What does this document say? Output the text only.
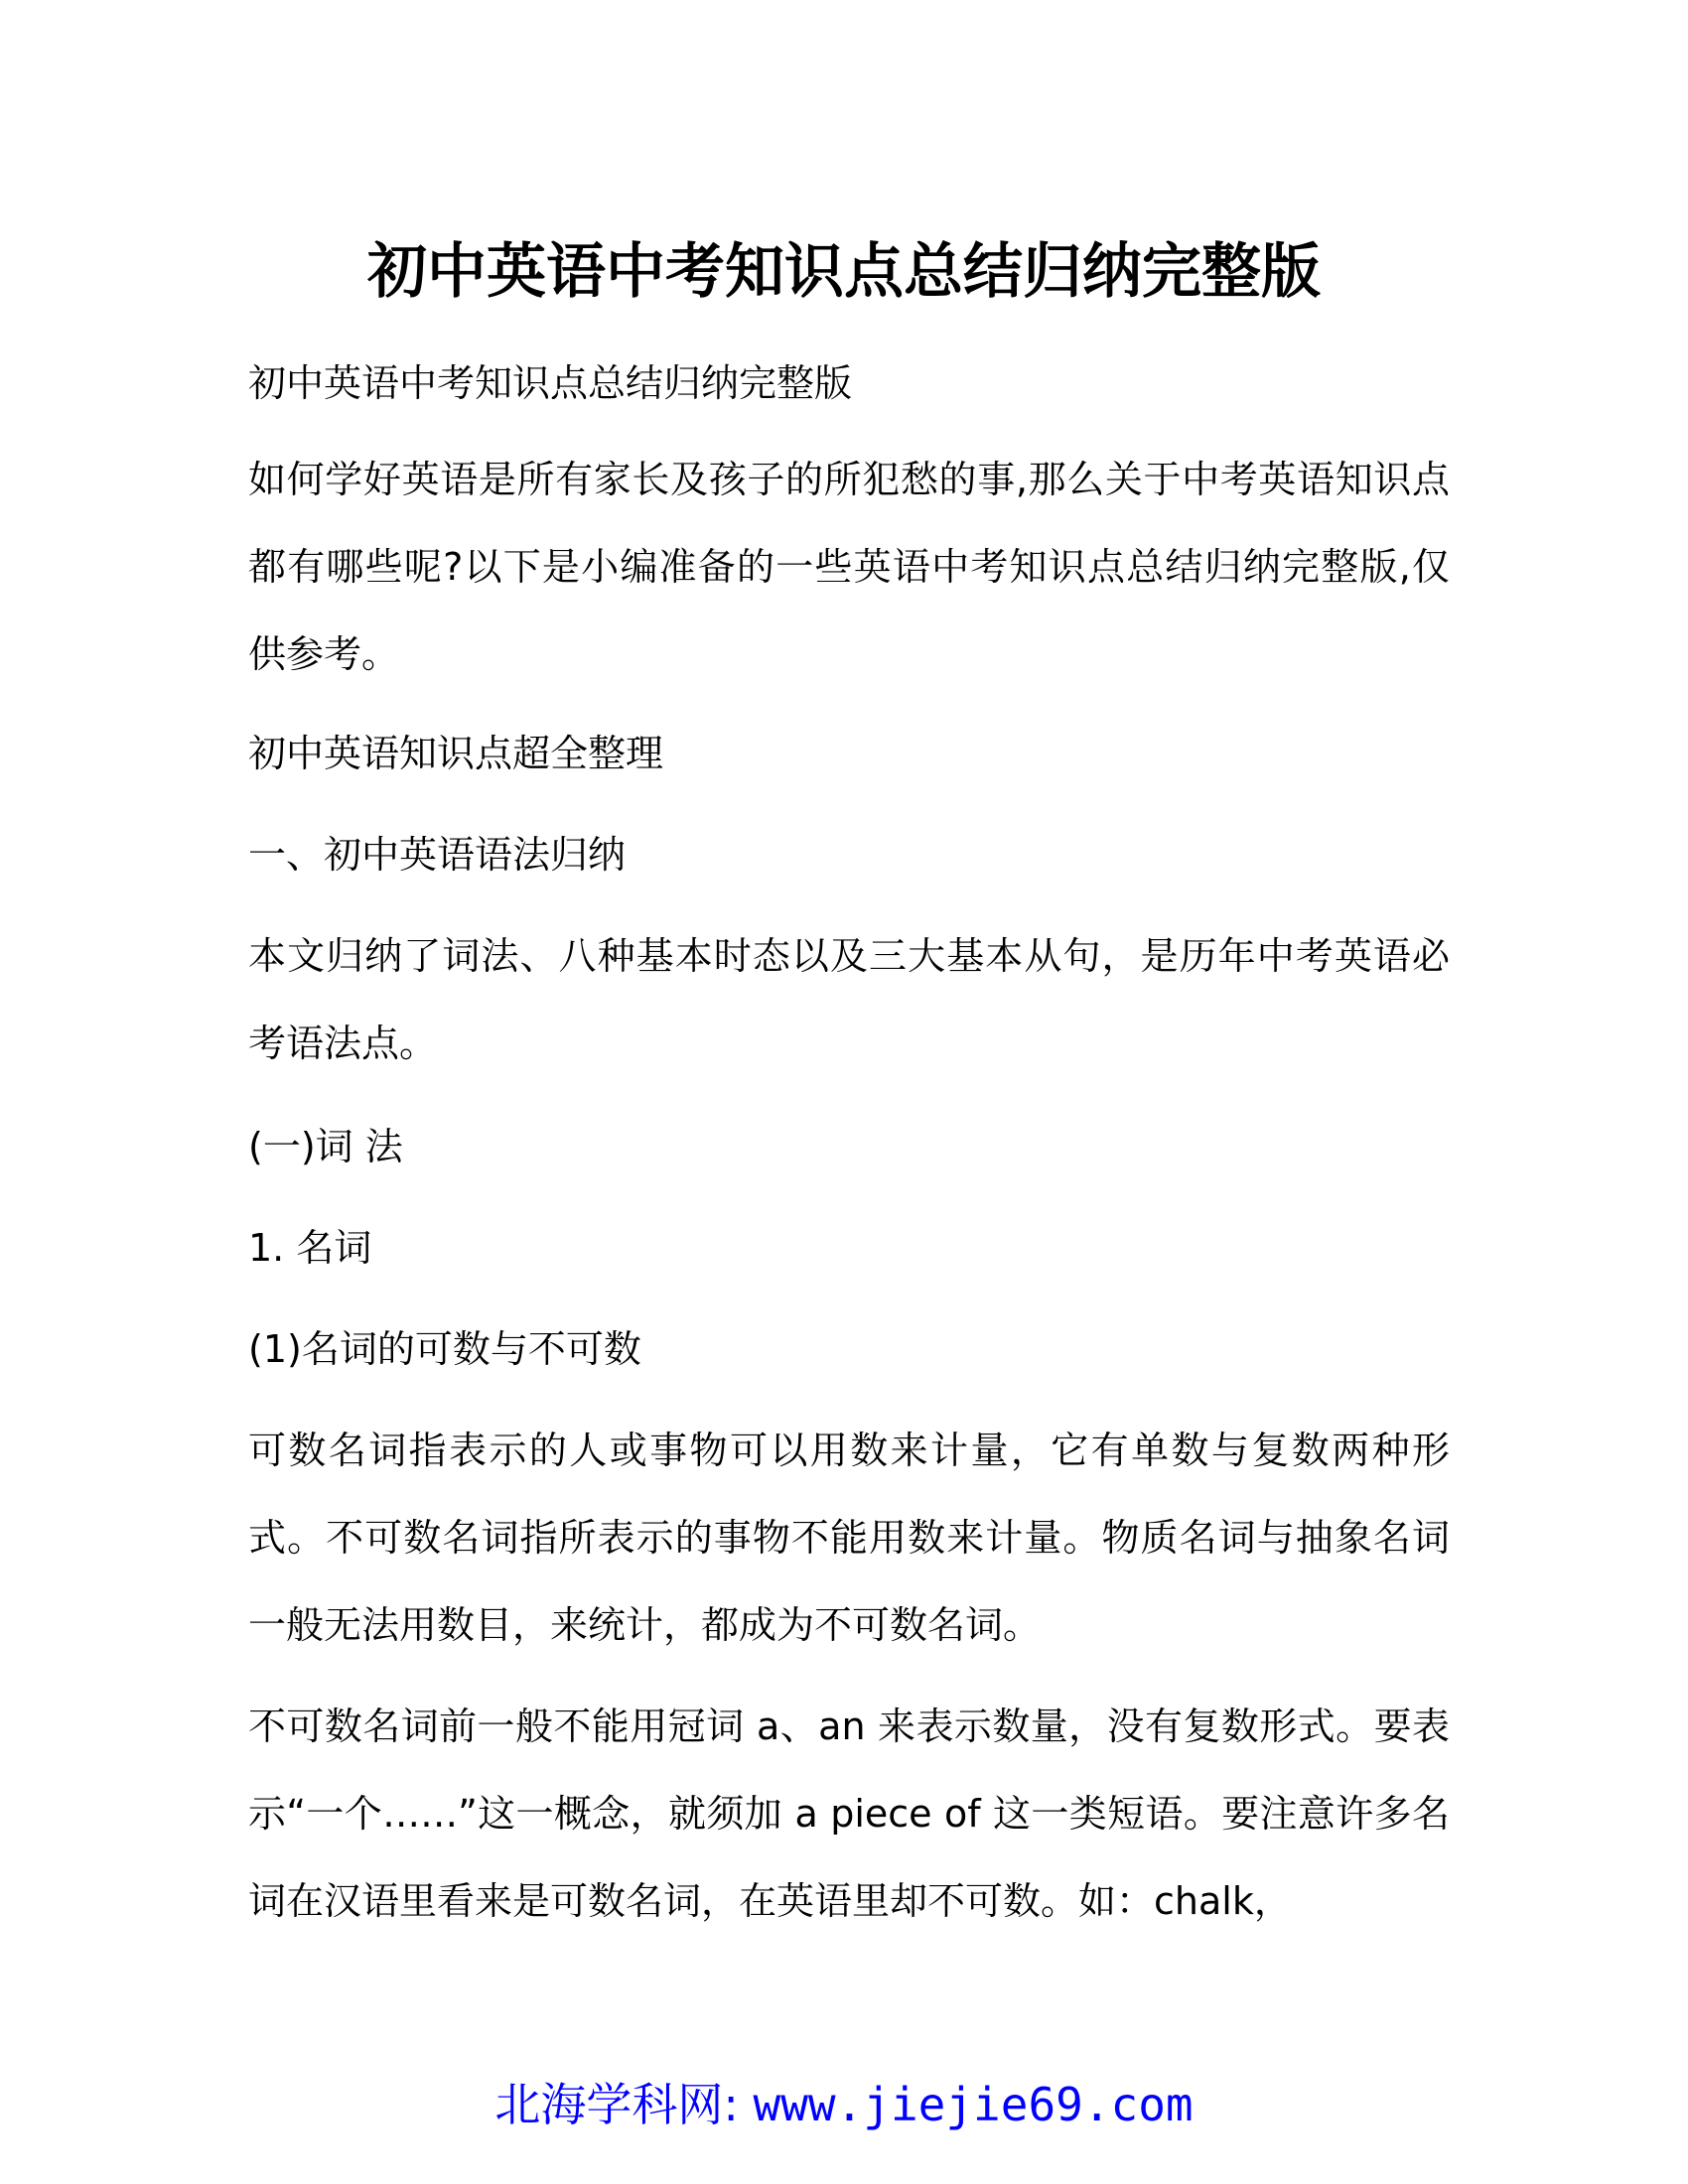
初中英语中考知识点总结归纳完整版

初中英语中考知识点总结归纳完整版

如何学好英语是所有家长及孩子的所犯愁的事,那么关于中考英语知识点都有哪些呢?以下是小编准备的一些英语中考知识点总结归纳完整版,仅供参考。

初中英语知识点超全整理

一、初中英语语法归纳

本文归纳了词法、八种基本时态以及三大基本从句，是历年中考英语必考语法点。

(一)词 法

1. 名词

(1)名词的可数与不可数

可数名词指表示的人或事物可以用数来计量，它有单数与复数两种形式。不可数名词指所表示的事物不能用数来计量。物质名词与抽象名词一般无法用数目，来统计，都成为不可数名词。

不可数名词前一般不能用冠词 a、an 来表示数量，没有复数形式。要表示“一个……”这一概念，就须加 a piece of 这一类短语。要注意许多名词在汉语里看来是可数名词，在英语里却不可数。如：chalk，

北海学科网: www.jiejie69.com
